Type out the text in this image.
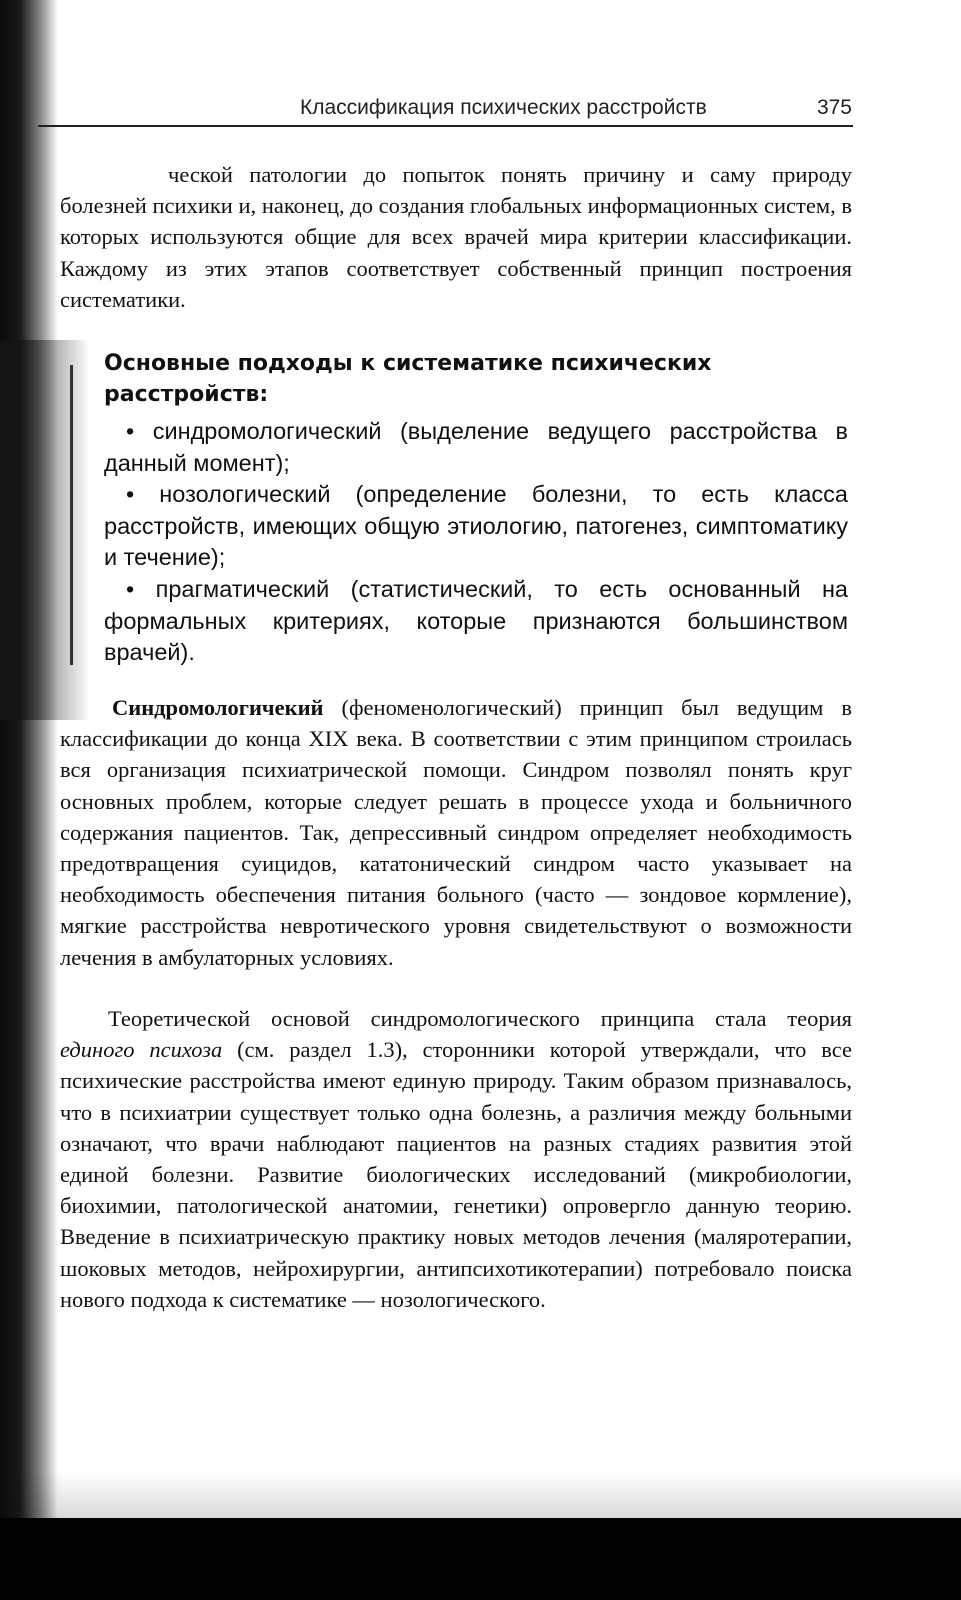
Классификация психических расстройств	375

ческой патологии до попыток понять причину и саму природу болезней психики и, наконец, до создания глобальных информационных систем, в которых используются общие для всех врачей мира критерии классификации. Каждому из этих этапов соответствует собственный принцип построения систематики.

Основные подходы к систематике психических расстройств:

• синдромологический (выделение ведущего расстройства в данный момент);
• нозологический (определение болезни, то есть класса расстройств, имеющих общую этиологию, патогенез, симптоматику и течение);
• прагматический (статистический, то есть основанный на формальных критериях, которые признаются большинством врачей).

Синдромологичекий (феноменологический) принцип был ведущим в классификации до конца XIX века. В соответствии с этим принципом строилась вся организация психиатрической помощи. Синдром позволял понять круг основных проблем, которые следует решать в процессе ухода и больничного содержания пациентов. Так, депрессивный синдром определяет необходимость предотвращения суицидов, кататонический синдром часто указывает на необходимость обеспечения питания больного (часто — зондовое кормление), мягкие расстройства невротического уровня свидетельствуют о возможности лечения в амбулаторных условиях.

Теоретической основой синдромологического принципа стала теория единого психоза (см. раздел 1.3), сторонники которой утверждали, что все психические расстройства имеют единую природу. Таким образом признавалось, что в психиатрии существует только одна болезнь, а различия между больными означают, что врачи наблюдают пациентов на разных стадиях развития этой единой болезни. Развитие биологических исследований (микробиологии, биохимии, патологической анатомии, генетики) опровергло данную теорию. Введение в психиатрическую практику новых методов лечения (маляротерапии, шоковых методов, нейрохирургии, антипсихотикотерапии) потребовало поиска нового подхода к систематике — нозологического.
